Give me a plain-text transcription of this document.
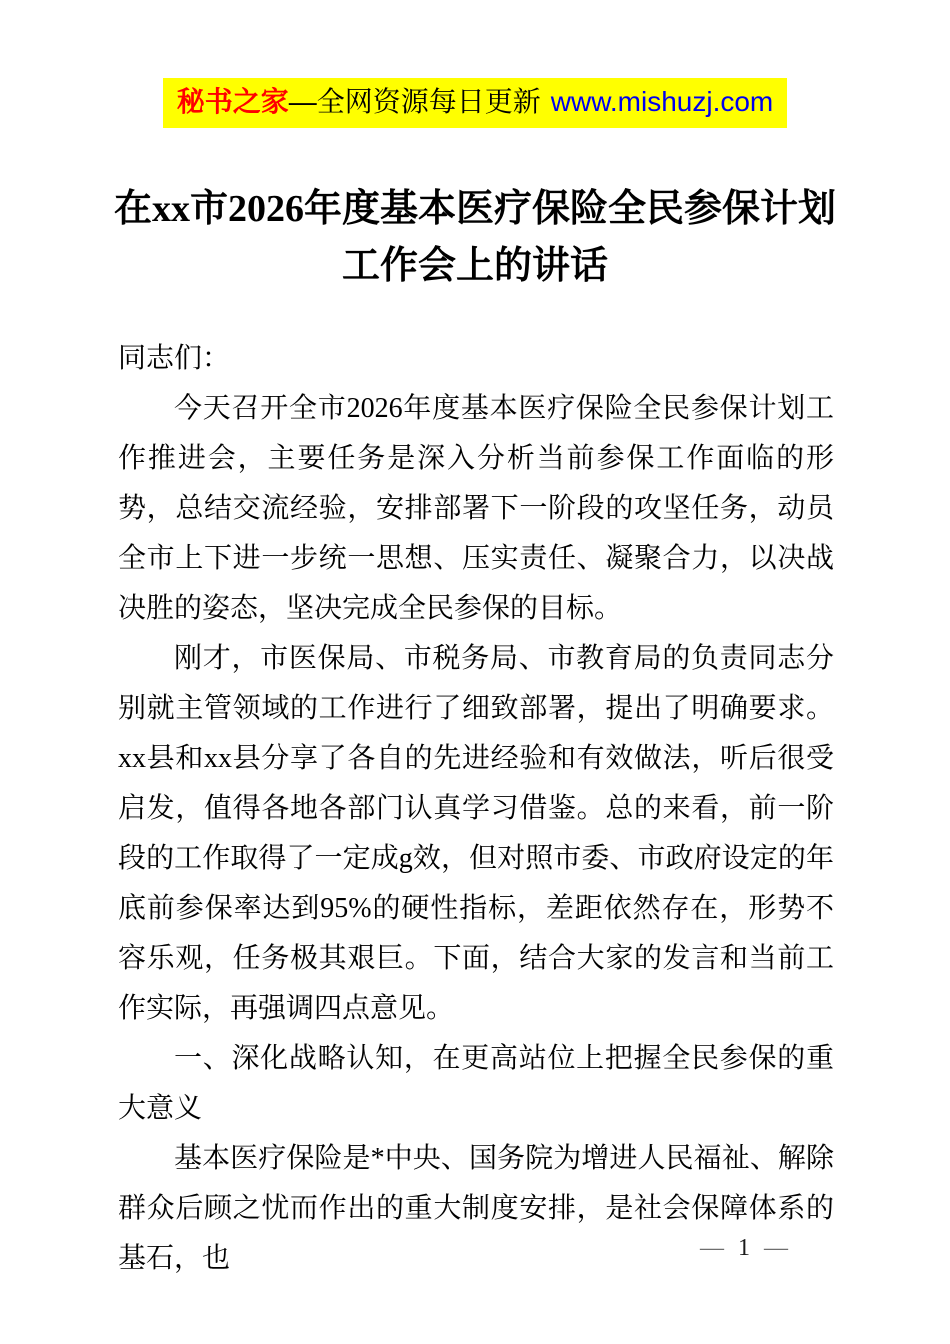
秘书之家—全网资源每日更新 www.mishuzj.com
在xx市2026年度基本医疗保险全民参保计划
工作会上的讲话

同志们：

今天召开全市2026年度基本医疗保险全民参保计划工作推进会，主要任务是深入分析当前参保工作面临的形势，总结交流经验，安排部署下一阶段的攻坚任务，动员全市上下进一步统一思想、压实责任、凝聚合力，以决战决胜的姿态，坚决完成全民参保的目标。

刚才，市医保局、市税务局、市教育局的负责同志分别就主管领域的工作进行了细致部署，提出了明确要求。xx县和xx县分享了各自的先进经验和有效做法，听后很受启发，值得各地各部门认真学习借鉴。总的来看，前一阶段的工作取得了一定成g效，但对照市委、市政府设定的年底前参保率达到95%的硬性指标，差距依然存在，形势不容乐观，任务极其艰巨。下面，结合大家的发言和当前工作实际，再强调四点意见。

一、深化战略认知，在更高站位上把握全民参保的重大意义

基本医疗保险是*中央、国务院为增进人民福祉、解除群众后顾之忧而作出的重大制度安排，是社会保障体系的基石，也	— 1 —
